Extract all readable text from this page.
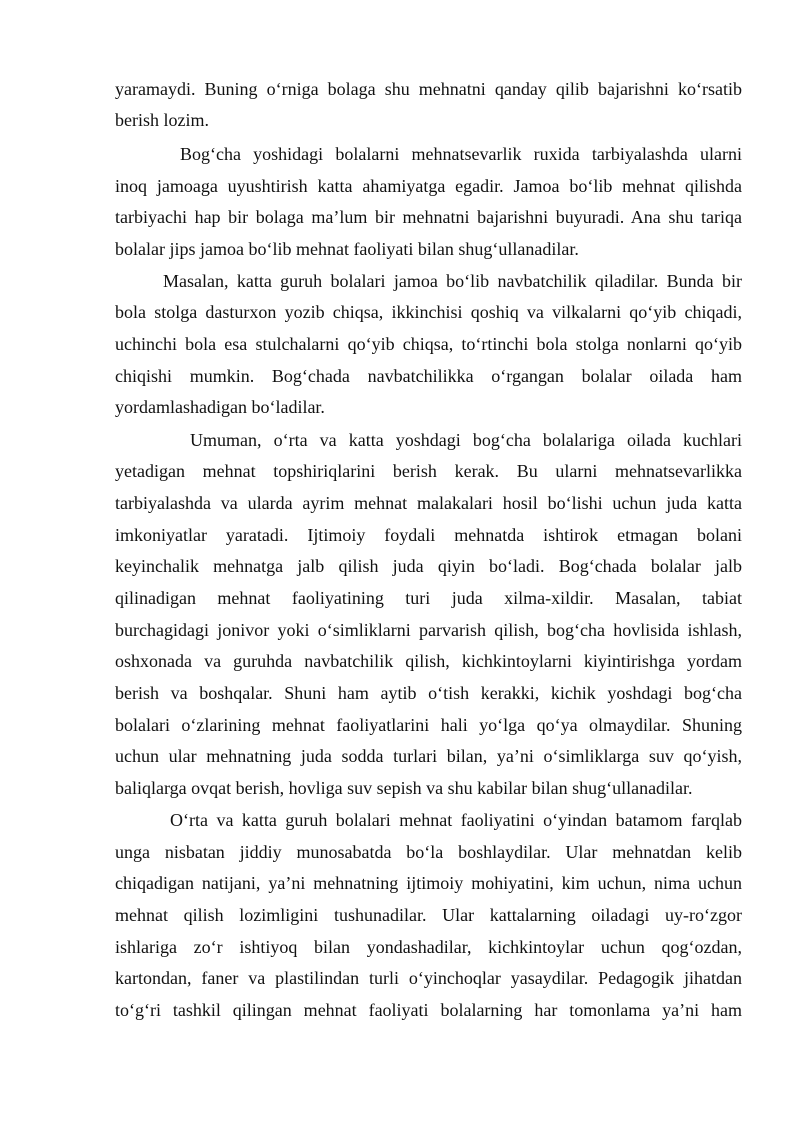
yaramaydi. Buning o‘rniga bolaga shu mehnatni qanday qilib bajarishni ko‘rsatib

berish lozim.

Bog‘cha yoshidagi bolalarni mehnatsevarlik ruxida tarbiyalashda ularni

inoq jamoaga uyushtirish katta ahamiyatga egadir. Jamoa bo‘lib mehnat qilishda

tarbiyachi hap bir bolaga ma’lum bir mehnatni bajarishni buyuradi. Ana shu tariqa

bolalar jips jamoa bo‘lib mehnat faoliyati bilan shug‘ullanadilar.

Masalan, katta guruh bolalari jamoa bo‘lib navbatchilik qiladilar. Bunda bir

bola stolga dasturxon yozib chiqsa, ikkinchisi qoshiq va vilkalarni qo‘yib chiqadi,

uchinchi bola esa stulchalarni qo‘yib chiqsa, to‘rtinchi bola stolga nonlarni qo‘yib

chiqishi mumkin. Bog‘chada navbatchilikka o‘rgangan bolalar oilada ham

yordamlashadigan bo‘ladilar.

Umuman, o‘rta va katta yoshdagi bog‘cha bolalariga oilada kuchlari

yetadigan mehnat topshiriqlarini berish kerak. Bu ularni mehnatsevarlikka

tarbiyalashda va ularda ayrim mehnat malakalari hosil bo‘lishi uchun juda katta

imkoniyatlar yaratadi. Ijtimoiy foydali mehnatda ishtirok etmagan bolani

keyinchalik mehnatga jalb qilish juda qiyin bo‘ladi. Bog‘chada bolalar jalb

qilinadigan mehnat faoliyatining turi juda xilma-xildir. Masalan, tabiat

burchagidagi jonivor yoki o‘simliklarni parvarish qilish, bog‘cha hovlisida ishlash,

oshxonada va guruhda navbatchilik qilish, kichkintoylarni kiyintirishga yordam

berish va boshqalar. Shuni ham aytib o‘tish kerakki, kichik yoshdagi bog‘cha

bolalari o‘zlarining mehnat faoliyatlarini hali yo‘lga qo‘ya olmaydilar. Shuning

uchun ular mehnatning juda sodda turlari bilan, ya’ni o‘simliklarga suv qo‘yish,

baliqlarga ovqat berish, hovliga suv sepish va shu kabilar bilan shug‘ullanadilar.

O‘rta va katta guruh bolalari mehnat faoliyatini o‘yindan batamom farqlab

unga nisbatan jiddiy munosabatda bo‘la boshlaydilar. Ular mehnatdan kelib

chiqadigan natijani, ya’ni mehnatning ijtimoiy mohiyatini, kim uchun, nima uchun

mehnat qilish lozimligini tushunadilar. Ular kattalarning oiladagi uy-ro‘zgor

ishlariga zo‘r ishtiyoq bilan yondashadilar, kichkintoylar uchun qog‘ozdan,

kartondan, faner va plastilindan turli o‘yinchoqlar yasaydilar. Pedagogik jihatdan

to‘g‘ri tashkil qilingan mehnat faoliyati bolalarning har tomonlama ya’ni ham
